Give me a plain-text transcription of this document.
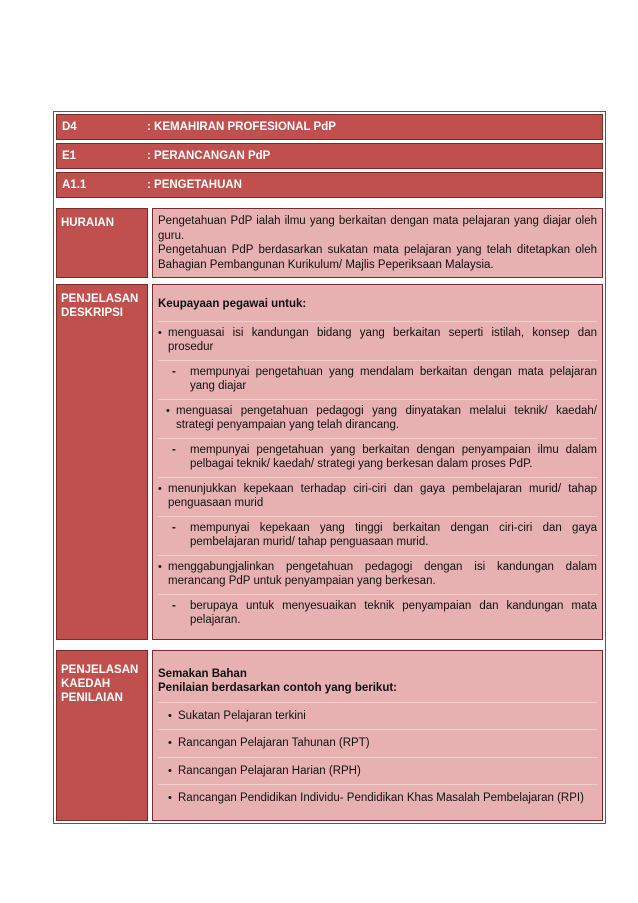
D4	: KEMAHIRAN PROFESIONAL PdP
E1	: PERANCANGAN PdP
A1.1	: PENGETAHUAN
HURAIAN	Pengetahuan PdP ialah ilmu yang berkaitan dengan mata pelajaran yang diajar oleh guru.

Pengetahuan PdP berdasarkan sukatan mata pelajaran yang telah ditetapkan oleh Bahagian Pembangunan Kurikulum/ Majlis Peperiksaan Malaysia.

PENJELASAN
DESKRIPSI
Keupayaan pegawai untuk:
• menguasai isi kandungan bidang yang berkaitan seperti istilah, konsep dan prosedur
- mempunyai pengetahuan yang mendalam berkaitan dengan mata pelajaran yang diajar
• menguasai pengetahuan pedagogi yang dinyatakan melalui teknik/ kaedah/ strategi penyampaian yang telah dirancang.
- mempunyai pengetahuan yang berkaitan dengan penyampaian ilmu dalam pelbagai teknik/ kaedah/ strategi yang berkesan dalam proses PdP.
• menunjukkan kepekaan terhadap ciri-ciri dan gaya pembelajaran murid/ tahap penguasaan murid
- mempunyai kepekaan yang tinggi berkaitan dengan ciri-ciri dan gaya pembelajaran murid/ tahap penguasaan murid.
• menggabungjalinkan pengetahuan pedagogi dengan isi kandungan dalam merancang PdP untuk penyampaian yang berkesan.
- berupaya untuk menyesuaikan teknik penyampaian dan kandungan mata pelajaran.
PENJELASAN
KAEDAH
PENILAIAN
Semakan Bahan
Penilaian berdasarkan contoh yang berikut:
• Sukatan Pelajaran terkini
• Rancangan Pelajaran Tahunan (RPT)
• Rancangan Pelajaran Harian (RPH)
• Rancangan Pendidikan Individu- Pendidikan Khas Masalah Pembelajaran (RPI)
